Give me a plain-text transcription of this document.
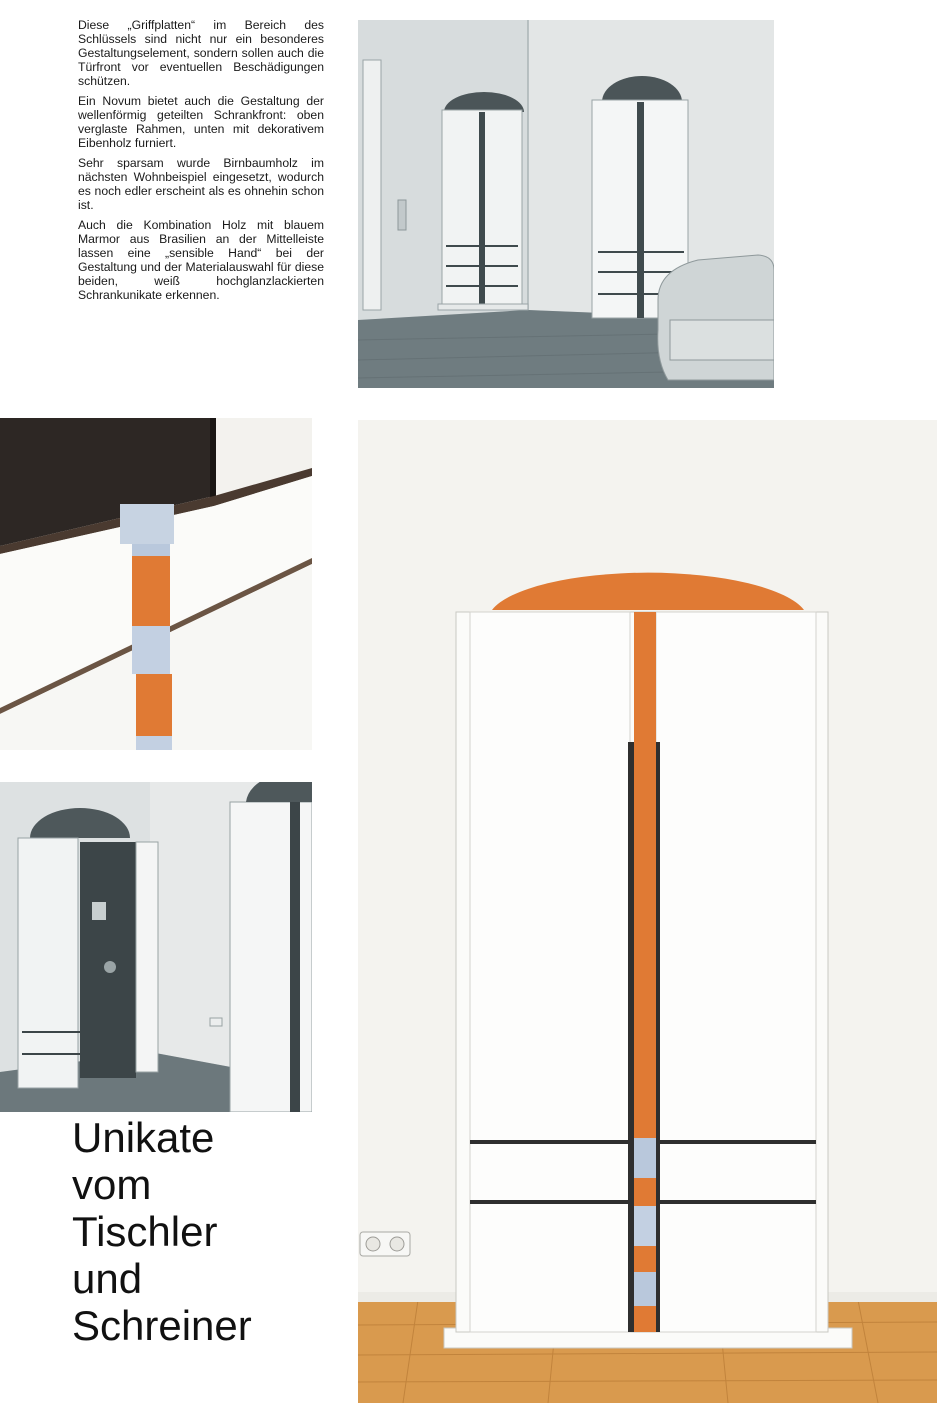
Diese „Griffplatten“ im Bereich des Schlüssels sind nicht nur ein besonderes Gestaltungselement, sondern sollen auch die Türfront vor eventuellen Beschädigungen schützen.

Ein Novum bietet auch die Gestaltung der wellenförmig geteilten Schrankfront: oben verglaste Rahmen, unten mit dekorativem Eibenholz furniert.

Sehr sparsam wurde Birnbaumholz im nächsten Wohnbeispiel eingesetzt, wodurch es noch edler erscheint als es ohnehin schon ist.

Auch die Kombination Holz mit blauem Marmor aus Brasilien an der Mittelleiste lassen eine „sensible Hand“ bei der Gestaltung und der Materialauswahl für diese beiden, weiß hochglanzlackierten Schrankunikate erkennen.

Unikate
vom
Tischler
und
Schreiner
